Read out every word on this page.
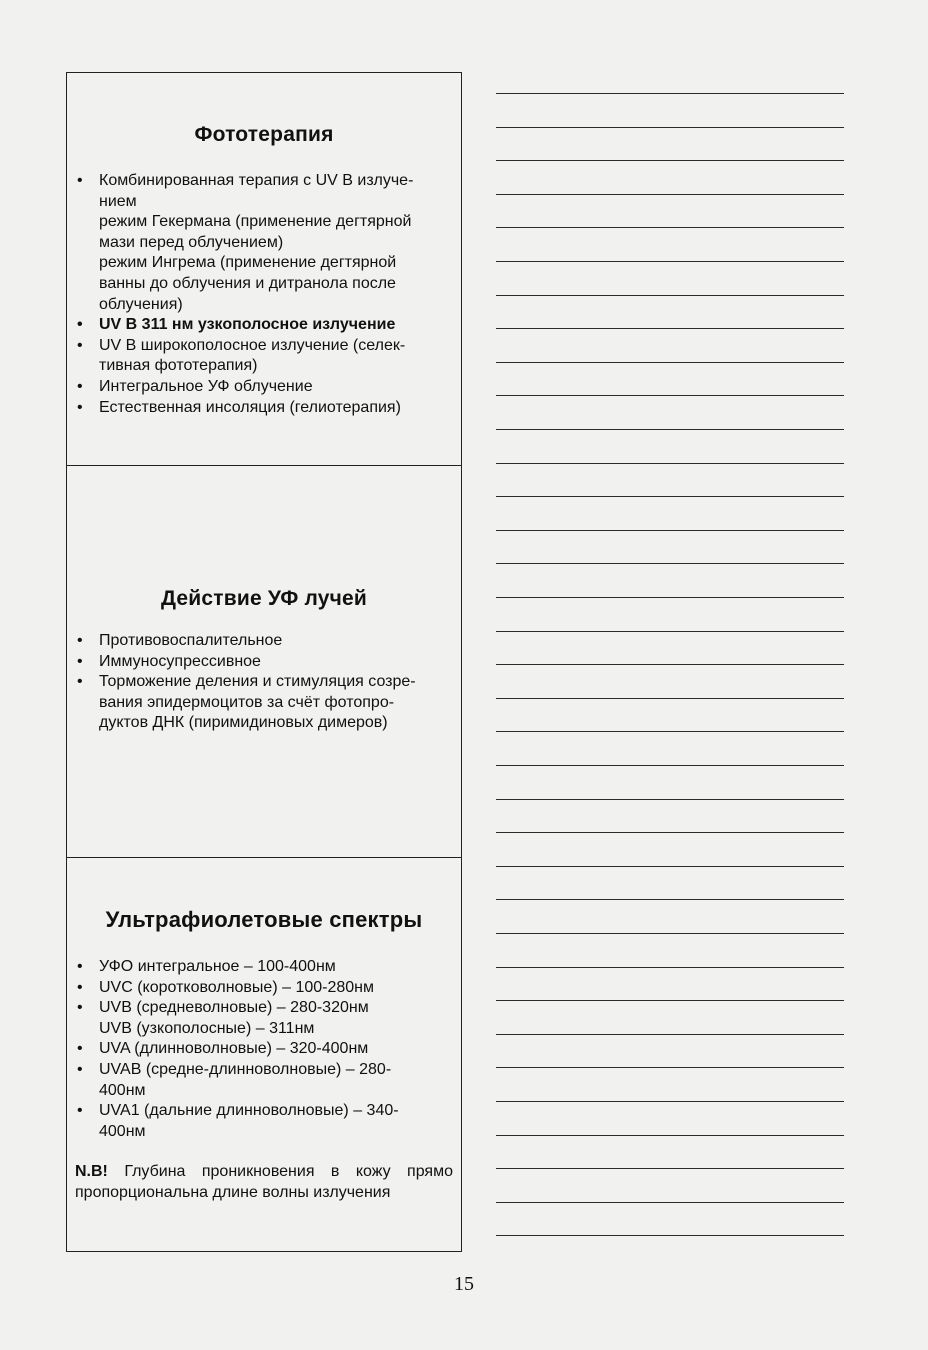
Фототерапия
• Комбинированная терапия с UV В излуче-
нием
режим Гекермана (применение дегтярной
мази перед облучением)
режим Ингрема (применение дегтярной
ванны до облучения и дитранола после
облучения)
• UV В 311 нм узкополосное излучение
• UV В широкополосное излучение (селек-
тивная фототерапия)
• Интегральное УФ облучение
• Естественная инсоляция (гелиотерапия)
Действие УФ лучей
• Противовоспалительное
• Иммуносупрессивное
• Торможение деления и стимуляция созре-
вания эпидермоцитов за счёт фотопро-
дуктов ДНК (пиримидиновых димеров)
Ультрафиолетовые спектры
• УФО интегральное – 100-400нм
• UVC (коротковолновые) – 100-280нм
• UVB (средневолновые) – 280-320нм
UVB (узкополосные) – 311нм
• UVA (длинноволновые) – 320-400нм
• UVAB (средне-длинноволновые) – 280-
400нм
• UVA1 (дальние длинноволновые) – 340-
400нм

N.B! Глубина проникновения в кожу прямо пропорциональна длине волны излучения

15
